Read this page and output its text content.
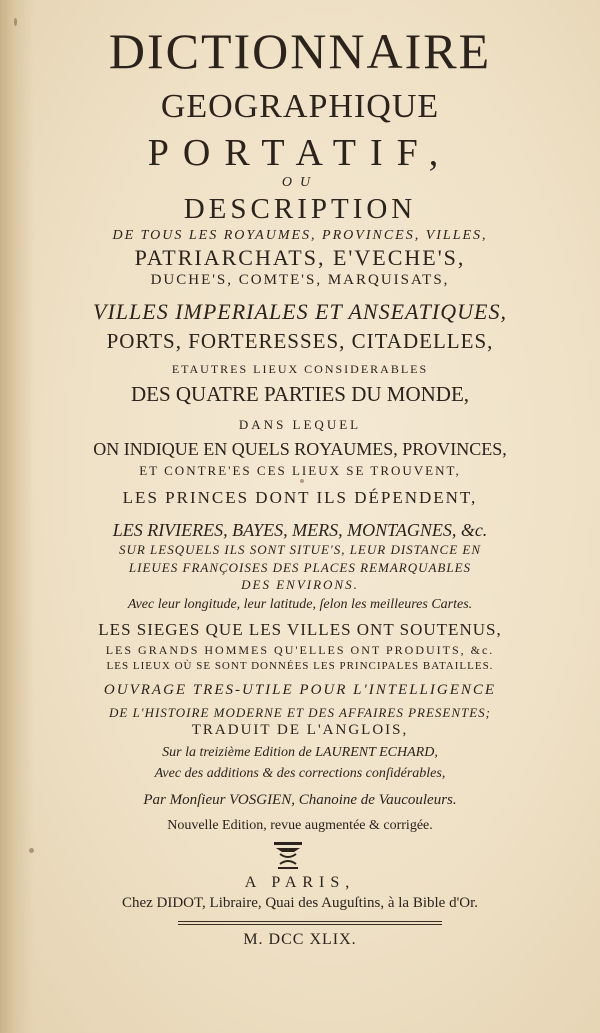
DICTIONNAIRE
GEOGRAPHIQUE
PORTATIF,
OU
DESCRIPTION
DE TOUS LES ROYAUMES, PROVINCES, VILLES,
PATRIARCHATS, E'VECHE'S,
DUCHE'S, COMTE'S, MARQUISATS,
VILLES IMPERIALES ET ANSEATIQUES,
PORTS, FORTERESSES, CITADELLES,
ETAUTRES LIEUX CONSIDERABLES
DES QUATRE PARTIES DU MONDE,
DANS LEQUEL
ON INDIQUE EN QUELS ROYAUMES, PROVINCES,
ET CONTRE'ES CES LIEUX SE TROUVENT,
LES PRINCES DONT ILS DÉPENDENT,
LES RIVIERES, BAYES, MERS, MONTAGNES, &c.
SUR LESQUELS ILS SONT SITUE'S, LEUR DISTANCE EN
LIEUES FRANÇOISES DES PLACES REMARQUABLES
DES ENVIRONS.
Avec leur longitude, leur latitude, ſelon les meilleures Cartes.
LES SIEGES QUE LES VILLES ONT SOUTENUS,
LES GRANDS HOMMES QU'ELLES ONT PRODUITS, &c.
LES LIEUX OÙ SE SONT DONNÉES LES PRINCIPALES BATAILLES.
OUVRAGE TRES-UTILE POUR L'INTELLIGENCE
DE L'HISTOIRE MODERNE ET DES AFFAIRES PRESENTES;
TRADUIT DE L'ANGLOIS,
Sur la treizième Edition de LAURENT ECHARD,
Avec des additions & des corrections conſidérables,
Par Monſieur VOSGIEN, Chanoine de Vaucouleurs.
Nouvelle Edition, revue augmentée & corrigée.
A PARIS,
Chez DIDOT, Libraire, Quai des Auguſtins, à la Bible d'Or.
M. DCC XLIX.
